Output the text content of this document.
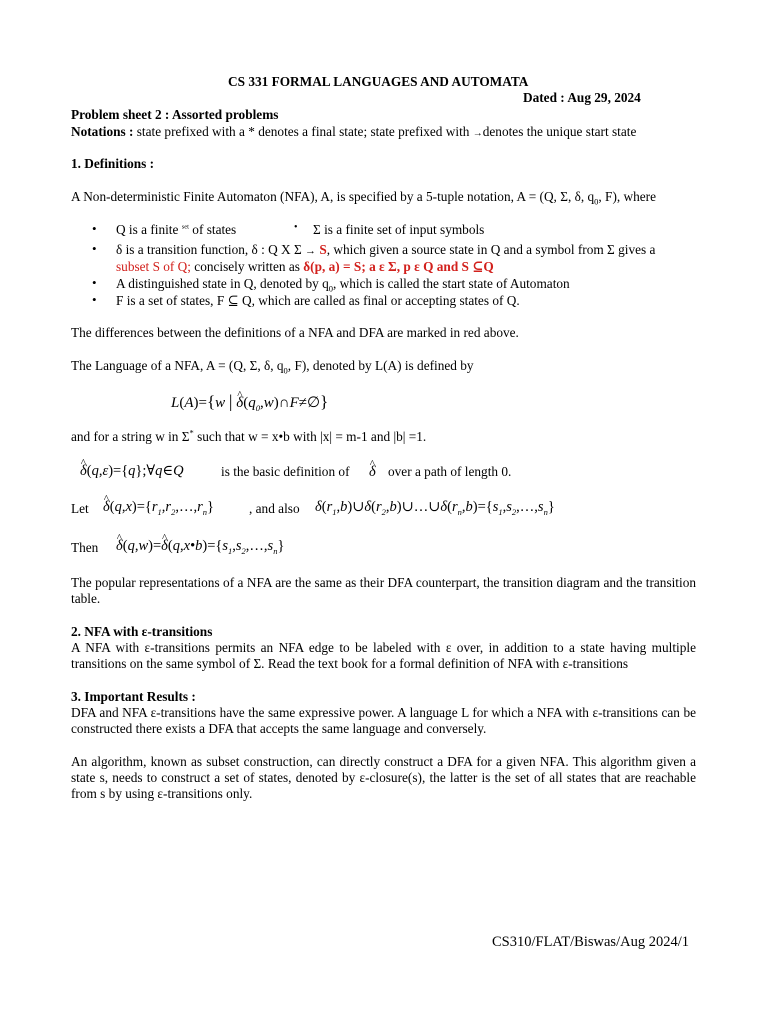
CS 331 FORMAL LANGUAGES AND AUTOMATA
Dated : Aug 29, 2024
Problem sheet 2 : Assorted problems
Notations : state prefixed with a * denotes a final state; state prefixed with →denotes the unique start state
1. Definitions :
A Non-deterministic Finite Automaton (NFA), A, is specified by a 5-tuple notation, A = (Q, Σ, δ, $q_0$, F), where
• Q is a finite $^{set}$ of states	• Σ is a finite set of input symbols
• δ is a transition function, δ : Q X Σ → S, which given a source state in Q and a symbol from Σ gives a
subset S of Q; concisely written as δ(p, a) = S; a ε Σ, p ε Q and S ⊆Q
• A distinguished state in Q, denoted by $q_0$, which is called the start state of Automaton
• F is a set of states, F ⊆ Q, which are called as final or accepting states of Q.
The differences between the definitions of a NFA and DFA are marked in red above.
The Language of a NFA, A = (Q, Σ, δ, $q_0$, F), denoted by L(A) is defined by
L(A)={w | ^ $\delta(q_0,w)\cap F\ne\emptyset$}
and for a string w in Σ* such that w = x•b with |x| = m-1 and |b| =1.
^ δ(q,ε)={q};∀q∈Q	is the basic definition of ^ δ over a path of length 0.
Let ^ $\delta(q,x)=\{r_1,r_2,\dots,r_n\}$	, and also $\delta(r_1,b)\cup\delta(r_2,b)\cup\dots\cup\delta(r_n,b)=\{s_1,s_2,\dots,s_n\}$
Then ^ δ(q,w)=^ $\delta(q,x•b)=\{s_1,s_2,\dots,s_n\}$
The popular representations of a NFA are the same as their DFA counterpart, the transition diagram and the transition table.
2. NFA with ε-transitions
A NFA with ε-transitions permits an NFA edge to be labeled with ε over, in addition to a state having multiple transitions on the same symbol of Σ. Read the text book for a formal definition of NFA with ε-transitions
3. Important Results :
DFA and NFA ε-transitions have the same expressive power. A language L for which a NFA with ε-transitions can be constructed there exists a DFA that accepts the same language and conversely.
An algorithm, known as subset construction, can directly construct a DFA for a given NFA. This algorithm given a state s, needs to construct a set of states, denoted by ε-closure(s), the latter is the set of all states that are reachable from s by using ε-transitions only.
CS310/FLAT/Biswas/Aug 2024/1
